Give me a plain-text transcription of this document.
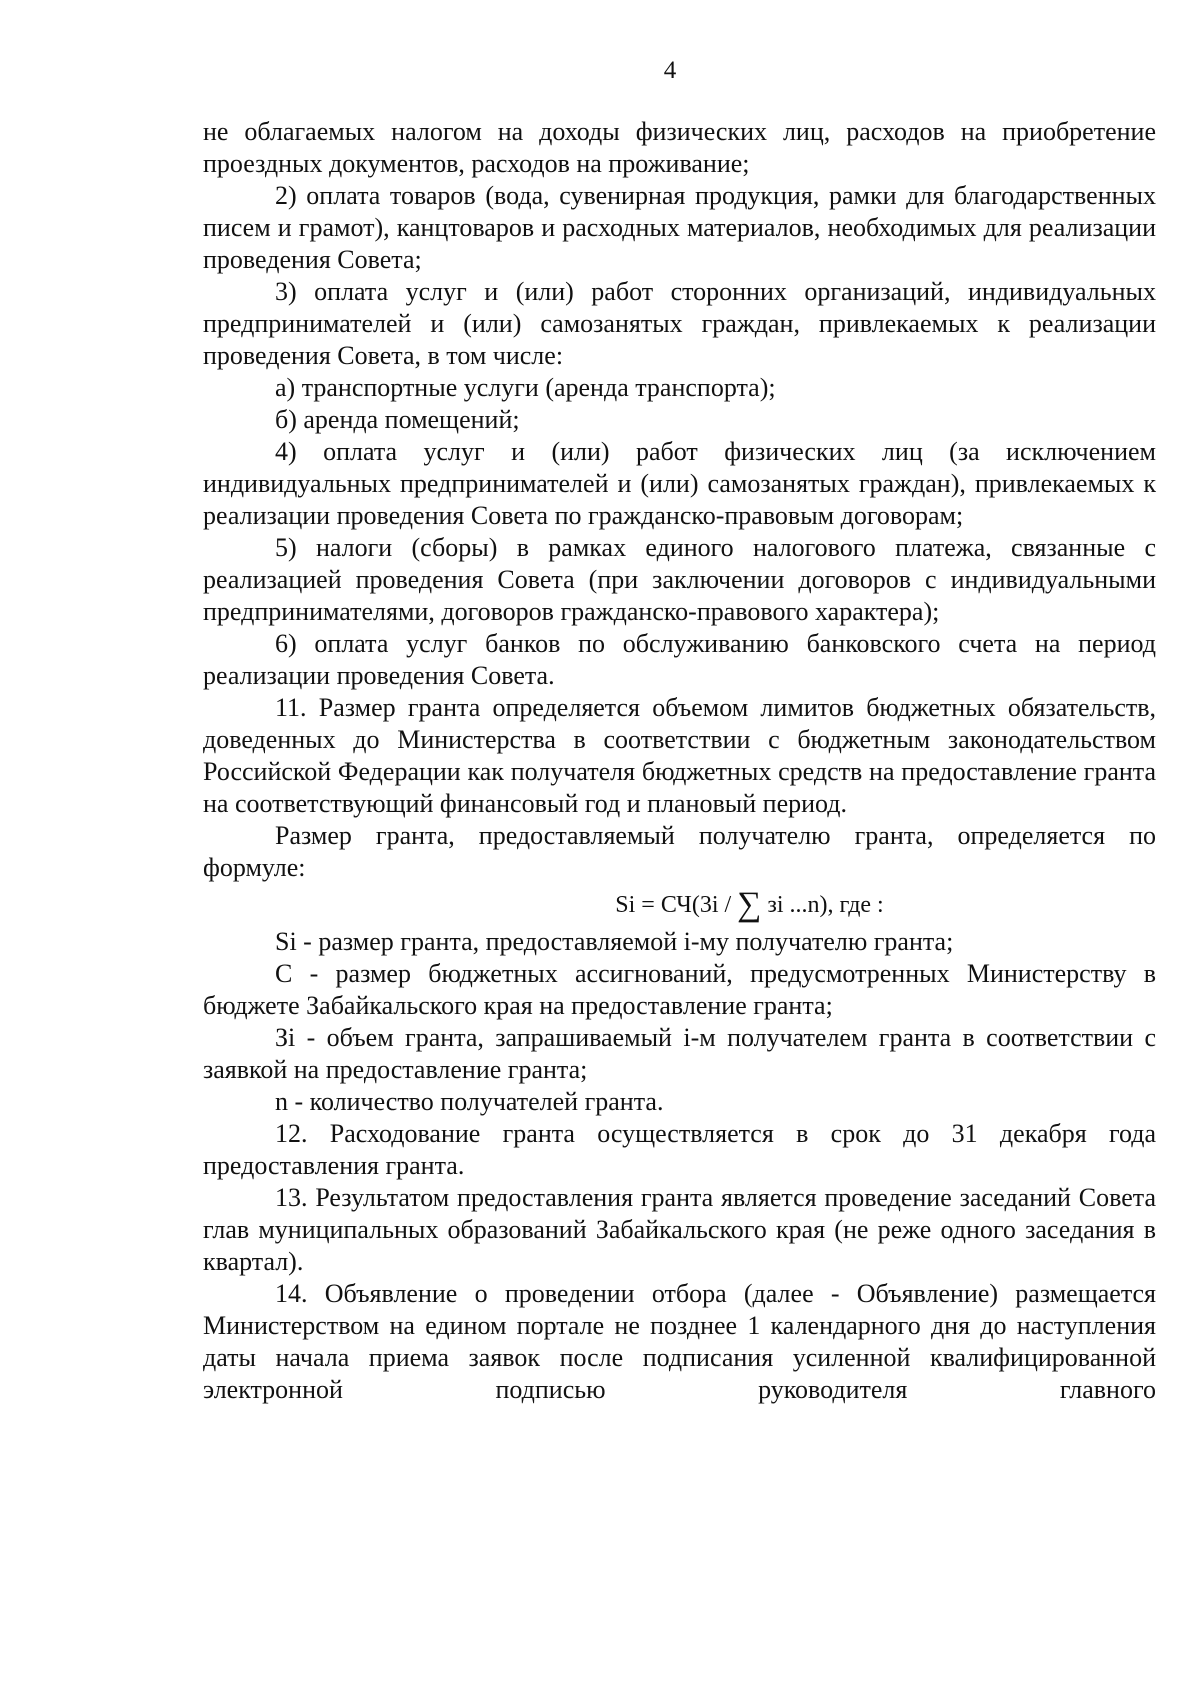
4

не облагаемых налогом на доходы физических лиц, расходов на приобретение проездных документов, расходов на проживание;

2) оплата товаров (вода, сувенирная продукция, рамки для благодарственных писем и грамот), канцтоваров и расходных материалов, необходимых для реализации проведения Совета;

3) оплата услуг и (или) работ сторонних организаций, индивидуальных предпринимателей и (или) самозанятых граждан, привлекаемых к реализации проведения Совета, в том числе:

а) транспортные услуги (аренда транспорта);

б) аренда помещений;

4) оплата услуг и (или) работ физических лиц (за исключением индивидуальных предпринимателей и (или) самозанятых граждан), привлекаемых к реализации проведения Совета по гражданско-правовым договорам;

5) налоги (сборы) в рамках единого налогового платежа, связанные с реализацией проведения Совета (при заключении договоров с индивидуальными предпринимателями, договоров гражданско-правового характера);

6) оплата услуг банков по обслуживанию банковского счета на период реализации проведения Совета.

11. Размер гранта определяется объемом лимитов бюджетных обязательств, доведенных до Министерства в соответствии с бюджетным законодательством Российской Федерации как получателя бюджетных средств на предоставление гранта на соответствующий финансовый год и плановый период.

Размер гранта, предоставляемый получателю гранта, определяется по формуле:

Si = СЧ(3i / ∑ зi ...n), где :

Si - размер гранта, предоставляемой i-му получателю гранта;

С - размер бюджетных ассигнований, предусмотренных Министерству в бюджете Забайкальского края на предоставление гранта;

Зi - объем гранта, запрашиваемый i-м получателем гранта в соответствии с заявкой на предоставление гранта;

n - количество получателей гранта.

12. Расходование гранта осуществляется в срок до 31 декабря года предоставления гранта.

13. Результатом предоставления гранта является проведение заседаний Совета глав муниципальных образований Забайкальского края (не реже одного заседания в квартал).

14. Объявление о проведении отбора (далее - Объявление) размещается Министерством на едином портале не позднее 1 календарного дня до наступления даты начала приема заявок после подписания усиленной квалифицированной электронной подписью руководителя главного
